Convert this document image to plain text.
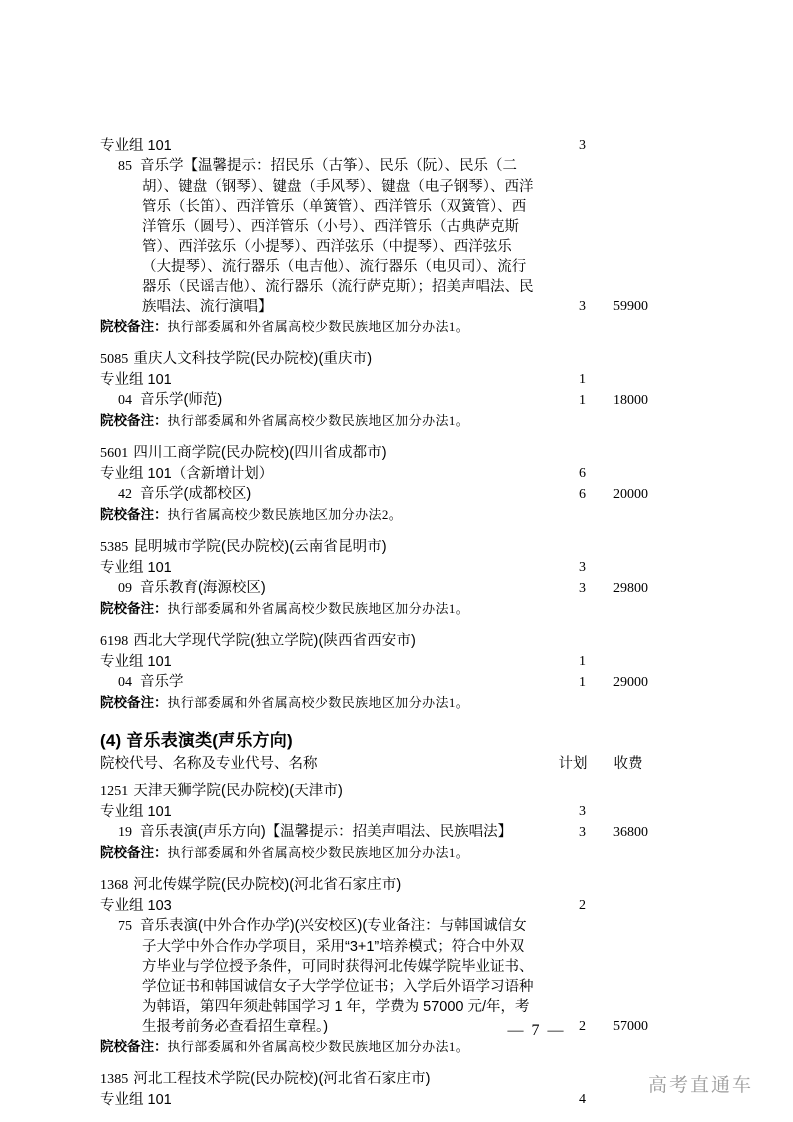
专业组 101	3
85 音乐学【温馨提示：招民乐（古筝）、民乐（阮）、民乐（二胡）、键盘（钢琴）、键盘（手风琴）、键盘（电子钢琴）、西洋管乐（长笛）、西洋管乐（单簧管）、西洋管乐（双簧管）、西洋管乐（圆号）、西洋管乐（小号）、西洋管乐（古典萨克斯管）、西洋弦乐（小提琴）、西洋弦乐（中提琴）、西洋弦乐（大提琴）、流行器乐（电吉他）、流行器乐（电贝司）、流行器乐（民谣吉他）、流行器乐（流行萨克斯）；招美声唱法、民族唱法、流行演唱】	3	59900
院校备注：执行部委属和外省属高校少数民族地区加分办法1。
5085 重庆人文科技学院(民办院校)(重庆市)
专业组 101	1
04 音乐学(师范)	1	18000
院校备注：执行部委属和外省属高校少数民族地区加分办法1。
5601 四川工商学院(民办院校)(四川省成都市)
专业组 101（含新增计划）	6
42 音乐学(成都校区)	6	20000
院校备注：执行省属高校少数民族地区加分办法2。
5385 昆明城市学院(民办院校)(云南省昆明市)
专业组 101	3
09 音乐教育(海源校区)	3	29800
院校备注：执行部委属和外省属高校少数民族地区加分办法1。
6198 西北大学现代学院(独立学院)(陕西省西安市)
专业组 101	1
04 音乐学	1	29000
院校备注：执行部委属和外省属高校少数民族地区加分办法1。
(4) 音乐表演类(声乐方向)
院校代号、名称及专业代号、名称	计划	收费
1251 天津天狮学院(民办院校)(天津市)
专业组 101	3
19 音乐表演(声乐方向)【温馨提示：招美声唱法、民族唱法】	3	36800
院校备注：执行部委属和外省属高校少数民族地区加分办法1。
1368 河北传媒学院(民办院校)(河北省石家庄市)
专业组 103	2
75 音乐表演(中外合作办学)(兴安校区)(专业备注：与韩国诚信女子大学中外合作办学项目，采用“3+1”培养模式；符合中外双方毕业与学位授予条件，可同时获得河北传媒学院毕业证书、学位证书和韩国诚信女子大学学位证书；入学后外语学习语种为韩语，第四年须赴韩国学习 1 年，学费为 57000 元/年，考生报考前务必查看招生章程。)	2	57000
院校备注：执行部委属和外省属高校少数民族地区加分办法1。
1385 河北工程技术学院(民办院校)(河北省石家庄市)
专业组 101	4
— 7 —
高考直通车
